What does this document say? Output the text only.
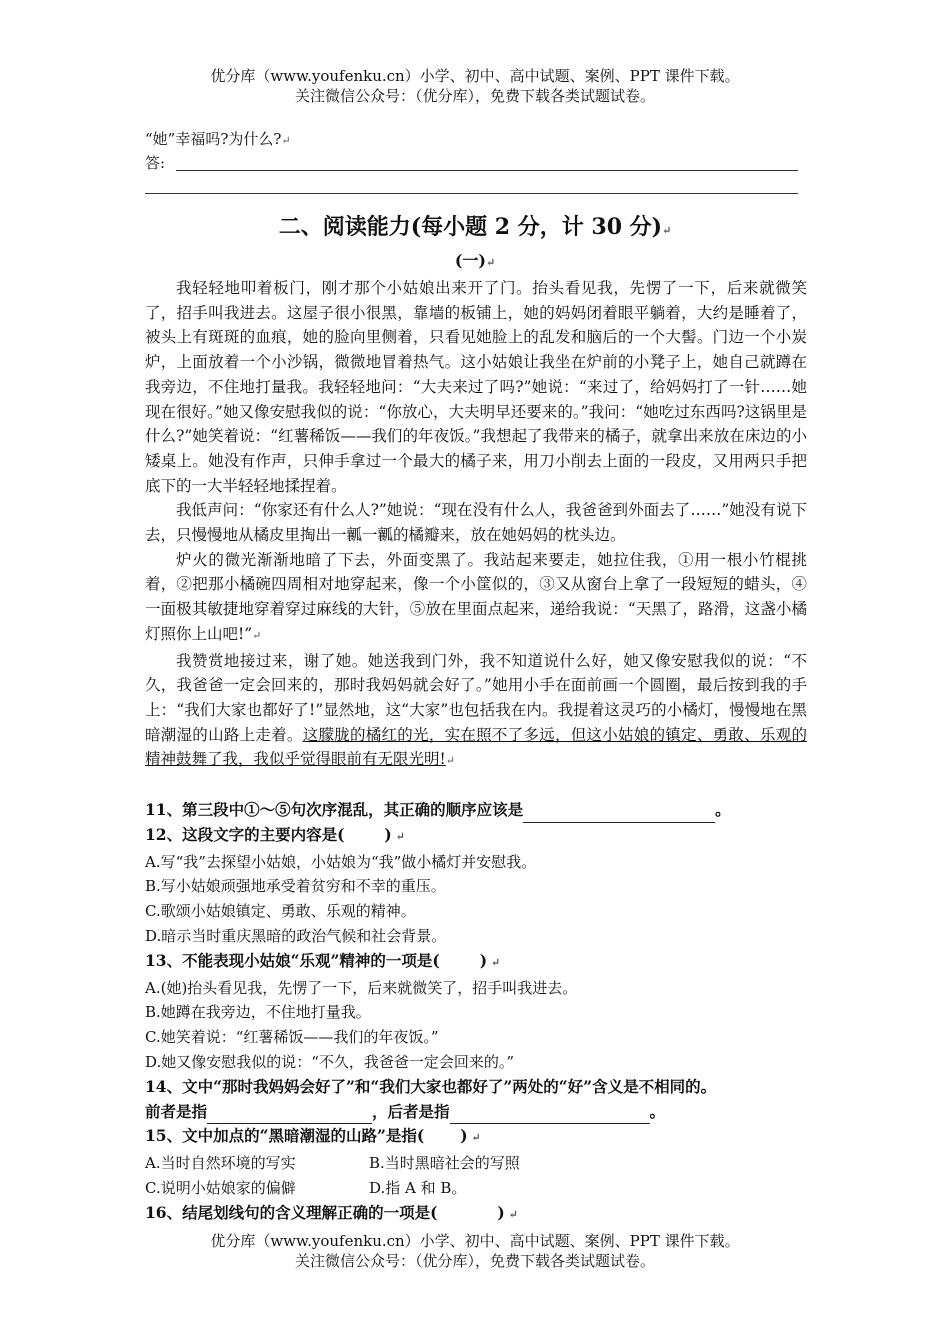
优分库（www.youfenku.cn）小学、初中、高中试题、案例、PPT 课件下载。
关注微信公众号：（优分库），免费下载各类试题试卷。
“她”幸福吗?为什么?↵
答:
二、阅读能力(每小题 2 分，计 30 分)↵
(一)↵

我轻轻地叩着板门，刚才那个小姑娘出来开了门。抬头看见我，先愣了一下，后来就微笑了，招手叫我进去。这屋子很小很黑，靠墙的板铺上，她的妈妈闭着眼平躺着，大约是睡着了，被头上有斑斑的血痕，她的脸向里侧着，只看见她脸上的乱发和脑后的一个大髻。门边一个小炭炉，上面放着一个小沙锅，微微地冒着热气。这小姑娘让我坐在炉前的小凳子上，她自己就蹲在我旁边，不住地打量我。我轻轻地问：“大夫来过了吗?”她说：“来过了，给妈妈打了一针……她现在很好。”她又像安慰我似的说：“你放心，大夫明早还要来的。”我问：“她吃过东西吗?这锅里是什么?”她笑着说：“红薯稀饭——我们的年夜饭。”我想起了我带来的橘子，就拿出来放在床边的小矮桌上。她没有作声，只伸手拿过一个最大的橘子来，用刀小削去上面的一段皮，又用两只手把底下的一大半轻轻地揉捏着。

我低声问：“你家还有什么人?”她说：“现在没有什么人，我爸爸到外面去了……”她没有说下去，只慢慢地从橘皮里掏出一瓤一瓤的橘瓣来，放在她妈妈的枕头边。

炉火的微光渐渐地暗了下去，外面变黑了。我站起来要走，她拉住我，①用一根小竹棍挑着，②把那小橘碗四周相对地穿起来，像一个小筐似的，③又从窗台上拿了一段短短的蜡头，④一面极其敏捷地穿着穿过麻线的大针，⑤放在里面点起来，递给我说：“天黑了，路滑，这盏小橘灯照你上山吧!”↵

我赞赏地接过来，谢了她。她送我到门外，我不知道说什么好，她又像安慰我似的说：“不久，我爸爸一定会回来的，那时我妈妈就会好了。”她用小手在面前画一个圆圈，最后按到我的手上：“我们大家也都好了!”显然地，这“大家”也包括我在内。我提着这灵巧的小橘灯，慢慢地在黑暗潮湿的山路上走着。这朦胧的橘红的光，实在照不了多远，但这小姑娘的镇定、勇敢、乐观的精神鼓舞了我，我似乎觉得眼前有无限光明!↵

11、第三段中①～⑤句次序混乱，其正确的顺序应该是	。

12、这段文字的主要内容是(	) ↵

A.写“我”去探望小姑娘，小姑娘为“我”做小橘灯并安慰我。

B.写小姑娘顽强地承受着贫穷和不幸的重压。

C.歌颂小姑娘镇定、勇敢、乐观的精神。

D.暗示当时重庆黑暗的政治气候和社会背景。

13、不能表现小姑娘“乐观”精神的一项是(	) ↵

A.(她)抬头看见我，先愣了一下，后来就微笑了，招手叫我进去。

B.她蹲在我旁边，不住地打量我。

C.她笑着说：“红薯稀饭——我们的年夜饭。”

D.她又像安慰我似的说：“不久，我爸爸一定会回来的。”

14、文中“那时我妈妈会好了”和“我们大家也都好了”两处的“好”含义是不相同的。

前者是指	，后者是指	。

15、文中加点的“黑暗潮湿的山路”是指( ) ↵

A.当时自然环境的写实	B.当时黑暗社会的写照
C.说明小姑娘家的偏僻	D.指 A 和 B。

16、结尾划线句的含义理解正确的一项是(	) ↵

优分库（www.youfenku.cn）小学、初中、高中试题、案例、PPT 课件下载。
关注微信公众号：（优分库），免费下载各类试题试卷。
